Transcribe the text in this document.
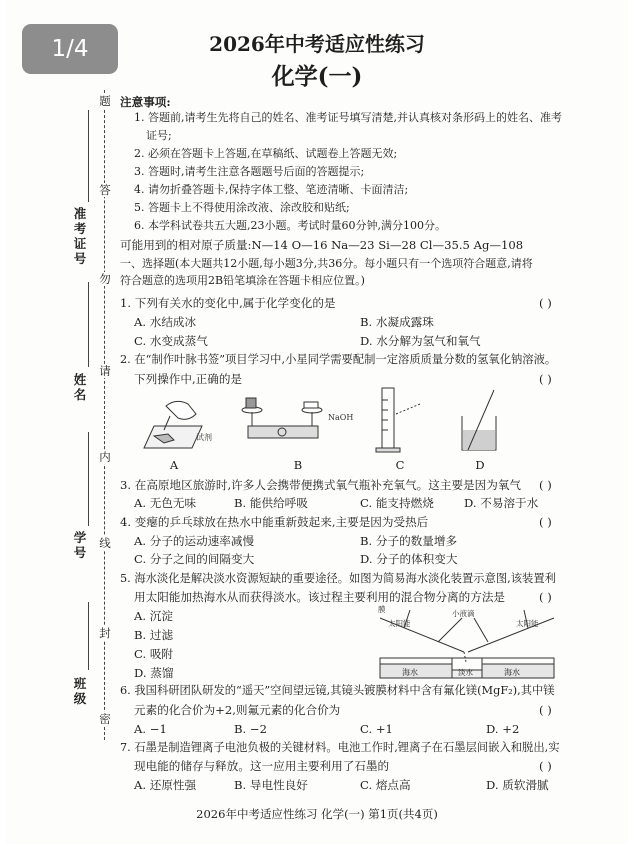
题
答
勿
请
内
线
封
密
准考证号
姓名
学号
班级
2026年中考适应性练习
化学(一)
注意事项:
1. 答题前,请考生先将自己的姓名、准考证号填写清楚,并认真核对条形码上的姓名、准考
证号;
2. 必须在答题卡上答题,在草稿纸、试题卷上答题无效;
3. 答题时,请考生注意各题题号后面的答题提示;
4. 请勿折叠答题卡,保持字体工整、笔迹清晰、卡面清洁;
5. 答题卡上不得使用涂改液、涂改胶和贴纸;
6. 本学科试卷共五大题,23小题。考试时量60分钟,满分100分。
可能用到的相对原子质量:N—14 O—16 Na—23 Si—28 Cl—35.5 Ag—108
一、选择题(本大题共12小题,每小题3分,共36分。每小题只有一个选项符合题意,请将
符合题意的选项用2B铅笔填涂在答题卡相应位置。)
1. 下列有关水的变化中,属于化学变化的是	( )
A. 水结成冰	B. 水凝成露珠
C. 水变成蒸气	D. 水分解为氢气和氧气
2. 在“制作叶脉书签”项目学习中,小星同学需要配制一定溶质质量分数的氢氧化钠溶液。
下列操作中,正确的是	( )
试剂
NaOH
A	B	C	D
3. 在高原地区旅游时,许多人会携带便携式氧气瓶补充氧气。这主要是因为氧气 ( )
A. 无色无味	B. 能供给呼吸	C. 能支持燃烧	D. 不易溶于水
4. 变瘪的乒乓球放在热水中能重新鼓起来,主要是因为受热后	( )
A. 分子的运动速率减慢	B. 分子的数量增多
C. 分子之间的间隔变大	D. 分子的体积变大
5. 海水淡化是解决淡水资源短缺的重要途径。如图为简易海水淡化装置示意图,该装置利
用太阳能加热海水从而获得淡水。该过程主要利用的混合物分离的方法是	( )
A. 沉淀
B. 过滤
C. 吸附
D. 蒸馏
膜
太阳能
小液滴
太阳能
海水	淡水	海水
6. 我国科研团队研发的“遥天”空间望远镜,其镜头镀膜材料中含有氟化镁(MgF₂),其中镁
元素的化合价为+2,则氟元素的化合价为	( )
A. −1	B. −2	C. +1	D. +2
7. 石墨是制造锂离子电池负极的关键材料。电池工作时,锂离子在石墨层间嵌入和脱出,实
现电能的储存与释放。这一应用主要利用了石墨的	( )
A. 还原性强	B. 导电性良好	C. 熔点高	D. 质软滑腻
2026年中考适应性练习 化学(一) 第1页(共4页)
1/4
